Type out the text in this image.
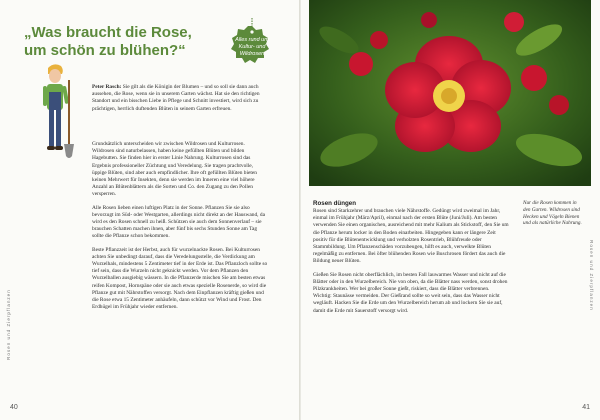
„Was braucht die Rose, um schön zu blühen?“
Alles rund um Kultur- und Wildrosen
Peter Rasch: Sie gilt als die Königin der Blumen – und so soll sie dann auch aussehen, die Rose, wenn sie in unserem Garten wächst. Hat sie den richtigen Standort und ein bisschen Liebe in Pflege und Schnitt investiert, wird sich zu prächtigen, herrlich duftenden Blüten in seinem Garten erfreuen.

Grundsätzlich unterscheiden wir zwischen Wildrosen und Kulturrosen. Wildrosen sind naturbelassen, haben keine gefüllten Blüten und bilden Hagebutten. Sie finden hier in erster Linie Nahrung. Kulturrosen sind das Ergebnis professioneller Züchtung und Veredelung. Sie tragen prachtvolle, üppige Blüten, sind aber auch empfindlicher. Ihre oft gefüllten Blüten bieten keinen Mehrwert für Insekten, denn sie werden im Inneren eine viel höhere Anzahl an Blütenblättern als die Sorten und Co. den Zugang zu den Pollen versperren.

Alle Rosen lieben einen luftigen Platz in der Sonne. Pflanzen Sie sie also bevorzugt im Süd- oder Westgarten, allerdings nicht direkt an der Hauswand, da wird es den Rosen schnell zu heiß. Schützen sie auch dem Sonnenverlauf – sie brauchen Schatten machen ihnen, aber fünf bis sechs Stunden Sonne am Tag sollte die Pflanze schon bekommen.

Beste Pflanzzeit ist der Herbst, auch für wurzelnackte Rosen. Bei Kulturrosen achten Sie unbedingt darauf, dass die Veredelungsstelle, die Verdickung am Wurzelhals, mindestens 5 Zentimeter tief in der Erde ist. Das Pflanzloch sollte so tief sein, dass die Wurzeln nicht geknickt werden. Vor dem Pflanzen den Wurzelballen ausgiebig wässern. In die Pflanzerde mischen Sie am besten etwas reifen Kompost, Hornspäne oder sie auch etwas spezielle Rosenerde, so wird die Pflanze gut mit Nährstoffen versorgt. Nach dem Einpflanzen kräftig gießen und die Rose etwa 15 Zentimeter anhäufeln, dann schützt vor Wind und Frost. Den Erdhügel im Frühjahr wieder entfernen.

Rosen und Zierpflanzen
40
Rosen düngen

Rosen sind Starkzehrer und brauchen viele Nährstoffe. Gedüngt wird zweimal im Jahr, einmal im Frühjahr (März/April), einmal nach der ersten Blüte (Juni/Juli). Am besten verwenden Sie einen organischen, ausreichend mit mehr Kalium als Stickstoff, den Sie um die Pflanze herum locker in den Boden einarbeiten. Hingegeben kann er längere Zeit positiv für die Blütenentwicklung und verholzten Rosentrieb, Blühfreude oder Stammbildung. Um Pflanzenschäden vorzubeugen, hilft es auch, verwelkte Blüten regelmäßig zu entfernen. Bei öfter blühenden Rosen wie Buschrosen fördert das auch die Bildung neuer Blüten.

Gießen Sie Rosen nicht oberflächlich, im besten Fall lauwarmes Wasser und nicht auf die Blätter oder in den Wurzelbereich. Nie von oben, da die Blätter nass werden, sonst drohen Pilzkrankheiten. Wer bei großer Sonne gießt, riskiert, dass die Blätter verbrennen. Wichtig: Staunässe vermeiden. Der Gießrand sollte so weit sein, dass das Wasser nicht wegläuft. Hacken Sie die Erde um den Wurzelbereich herum ab und lockern Sie sie auf, damit die Erde mit Sauerstoff versorgt wird.

Nur die Rosen kommen in den Garten. Wildrosen sind Hecken und Vögeln Bienen und als natürliche Nahrung.
Rosen und Zierpflanzen
41
